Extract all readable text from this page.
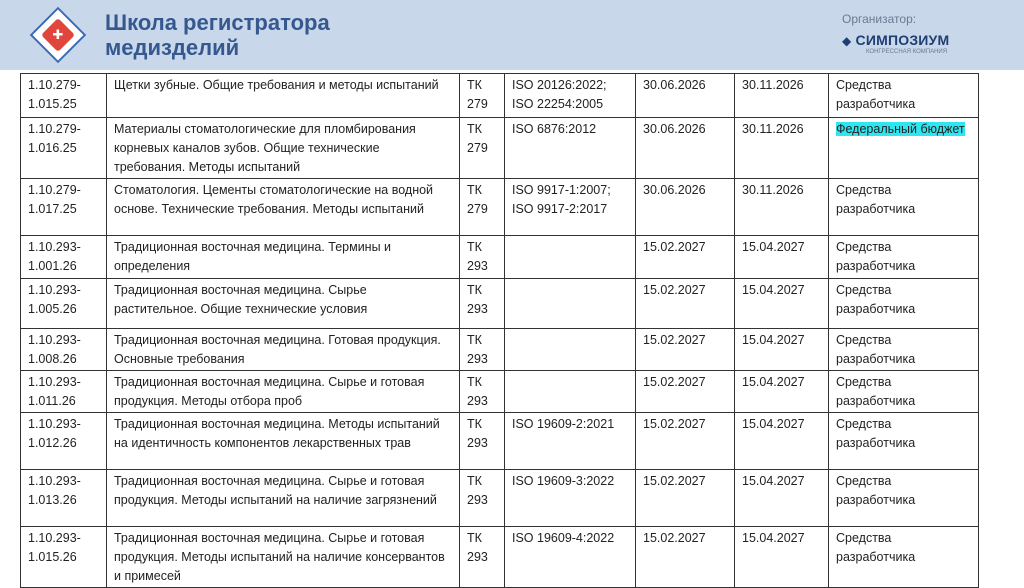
✚ Школа регистратора
медизделий
Организатор:
◆ СИМПОЗИУМ
КОНГРЕССНАЯ КОМПАНИЯ
1.10.279-1.015.25	Щетки зубные. Общие требования и методы испытаний	ТК 279	ISO 20126:2022; ISO 22254:2005	30.06.2026	30.11.2026	Средства разработчика
1.10.279-1.016.25	Материалы стоматологические для пломбирования корневых каналов зубов. Общие технические требования. Методы испытаний	ТК 279	ISO 6876:2012	30.06.2026	30.11.2026	Федеральный бюджет
1.10.279-1.017.25	Стоматология. Цементы стоматологические на водной основе. Технические требования. Методы испытаний	ТК 279	ISO 9917-1:2007; ISO 9917-2:2017	30.06.2026	30.11.2026	Средства разработчика
1.10.293-1.001.26	Традиционная восточная медицина. Термины и определения	ТК 293		15.02.2027	15.04.2027	Средства разработчика
1.10.293-1.005.26	Традиционная восточная медицина. Сырье растительное. Общие технические условия	ТК 293		15.02.2027	15.04.2027	Средства разработчика
1.10.293-1.008.26	Традиционная восточная медицина. Готовая продукция. Основные требования	ТК 293		15.02.2027	15.04.2027	Средства разработчика
1.10.293-1.011.26	Традиционная восточная медицина. Сырье и готовая продукция. Методы отбора проб	ТК 293		15.02.2027	15.04.2027	Средства разработчика
1.10.293-1.012.26	Традиционная восточная медицина. Методы испытаний на идентичность компонентов лекарственных трав	ТК 293	ISO 19609-2:2021	15.02.2027	15.04.2027	Средства разработчика
1.10.293-1.013.26	Традиционная восточная медицина. Сырье и готовая продукция. Методы испытаний на наличие загрязнений	ТК 293	ISO 19609-3:2022	15.02.2027	15.04.2027	Средства разработчика
1.10.293-1.015.26	Традиционная восточная медицина. Сырье и готовая продукция. Методы испытаний на наличие консервантов и примесей	ТК 293	ISO 19609-4:2022	15.02.2027	15.04.2027	Средства разработчика
